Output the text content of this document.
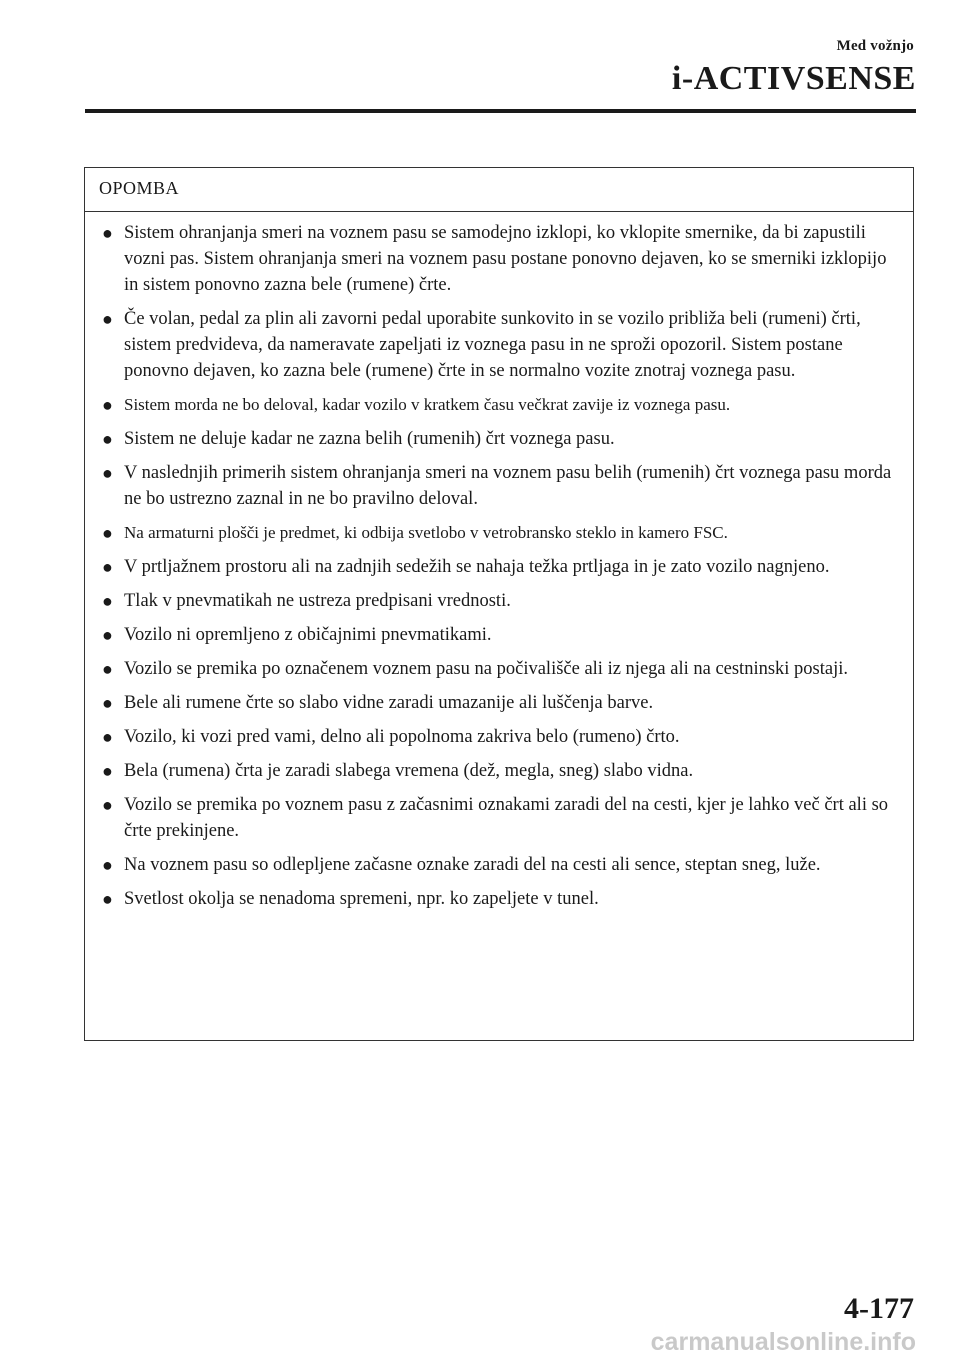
Med vožnjo
i-ACTIVSENSE
OPOMBA
● Sistem ohranjanja smeri na voznem pasu se samodejno izklopi, ko vklopite smernike, da bi zapustili vozni pas. Sistem ohranjanja smeri na voznem pasu postane ponovno dejaven, ko se smerniki izklopijo in sistem ponovno zazna bele (rumene) črte.
● Če volan, pedal za plin ali zavorni pedal uporabite sunkovito in se vozilo približa beli (rumeni) črti, sistem predvideva, da nameravate zapeljati iz voznega pasu in ne sproži opozoril. Sistem postane ponovno dejaven, ko zazna bele (rumene) črte in se normalno vozite znotraj voznega pasu.
● Sistem morda ne bo deloval, kadar vozilo v kratkem času večkrat zavije iz voznega pasu.
● Sistem ne deluje kadar ne zazna belih (rumenih) črt voznega pasu.
● V naslednjih primerih sistem ohranjanja smeri na voznem pasu belih (rumenih) črt voznega pasu morda ne bo ustrezno zaznal in ne bo pravilno deloval.
● Na armaturni plošči je predmet, ki odbija svetlobo v vetrobransko steklo in kamero FSC.
● V prtljažnem prostoru ali na zadnjih sedežih se nahaja težka prtljaga in je zato vozilo nagnjeno.
● Tlak v pnevmatikah ne ustreza predpisani vrednosti.
● Vozilo ni opremljeno z običajnimi pnevmatikami.
● Vozilo se premika po označenem voznem pasu na počivališče ali iz njega ali na cestninski postaji.
● Bele ali rumene črte so slabo vidne zaradi umazanije ali luščenja barve.
● Vozilo, ki vozi pred vami, delno ali popolnoma zakriva belo (rumeno) črto.
● Bela (rumena) črta je zaradi slabega vremena (dež, megla, sneg) slabo vidna.
● Vozilo se premika po voznem pasu z začasnimi oznakami zaradi del na cesti, kjer je lahko več črt ali so črte prekinjene.
● Na voznem pasu so odlepljene začasne oznake zaradi del na cesti ali sence, steptan sneg, luže.
● Svetlost okolja se nenadoma spremeni, npr. ko zapeljete v tunel.
4-177
carmanualsonline.info
